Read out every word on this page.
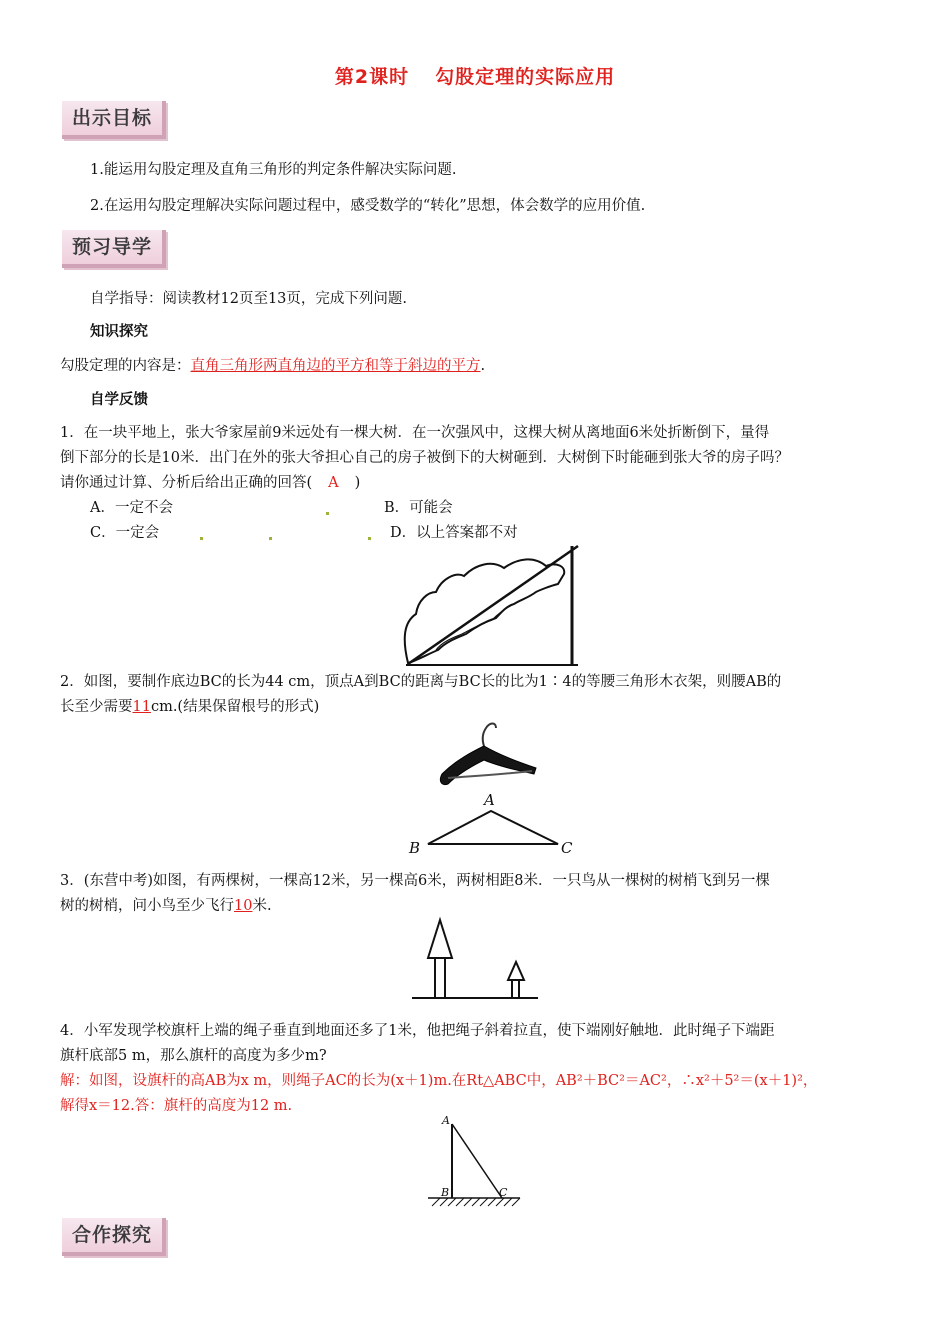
第2课时 勾股定理的实际应用
出示目标
1.能运用勾股定理及直角三角形的判定条件解决实际问题.
2.在运用勾股定理解决实际问题过程中，感受数学的“转化”思想，体会数学的应用价值.
预习导学
自学指导：阅读教材12页至13页，完成下列问题.
知识探究
勾股定理的内容是：直角三角形两直角边的平方和等于斜边的平方.
自学反馈
1．在一块平地上，张大爷家屋前9米远处有一棵大树．在一次强风中，这棵大树从离地面6米处折断倒下，量得
倒下部分的长是10米．出门在外的张大爷担心自己的房子被倒下的大树砸到．大树倒下时能砸到张大爷的房子吗？
请你通过计算、分析后给出正确的回答( A )
A．一定不会	B．可能会
C．一定会	D．以上答案都不对
2．如图，要制作底边BC的长为44 cm，顶点A到BC的距离与BC长的比为1∶4的等腰三角形木衣架，则腰AB的
长至少需要11cm.(结果保留根号的形式)
A
B	C
3．(东营中考)如图，有两棵树，一棵高12米，另一棵高6米，两树相距8米．一只鸟从一棵树的树梢飞到另一棵
树的树梢，问小鸟至少飞行10米.
4．小军发现学校旗杆上端的绳子垂直到地面还多了1米，他把绳子斜着拉直，使下端刚好触地．此时绳子下端距
旗杆底部5 m，那么旗杆的高度为多少m?
解：如图，设旗杆的高AB为x m，则绳子AC的长为(x＋1)m.在Rt△ABC中，AB²＋BC²＝AC²，∴x²＋5²＝(x＋1)²，
解得x＝12.答：旗杆的高度为12 m.
A
B	C
合作探究
